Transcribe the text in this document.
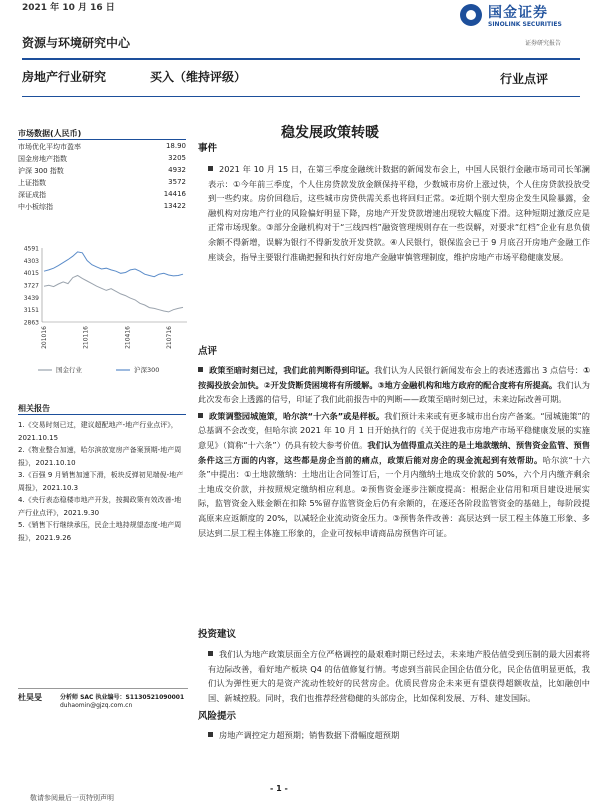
2021 年 10 月 16 日	国金证券
SINOLINK SECURITIES
证券研究报告
资源与环境研究中心
房地产行业研究	买入（维持评级）	行业点评
稳发展政策转暖
市场数据(人民币)
市场优化平均市盈率	18.90
国金房地产指数	3205
沪深 300 指数	4932
上证指数	3572
深证成指	14416
中小板综指	13422
4591
4303
4015
3727
3439
3151
2863
201016	210116	210416	210716
国金行业	沪深300
相关报告
1.《交易时刻已过，建议超配地产-地产行业点评》，2021.10.15
2.《物业整合加速，哈尔滨放宽房产备案预期-地产周报》，2021.10.10
3.《百强 9 月销售加速下滑，板块反弹初见端倪-地产周报》，2021.10.3
4.《央行表态稳楼市地产开发，按揭政策有效改善-地产行业点评》，2021.9.30
5.《销售下行继续承压，民企土地持规望态度-地产周报》，2021.9.26
杜昊旻	分析师 SAC 执业编号：S1130521090001
duhaomin@gjzq.com.cn
事件
2021 年 10 月 15 日，在第三季度金融统计数据的新闻发布会上，中国人民银行金融市场司司长邹澜表示：①今年前三季度，个人住房贷款发放金额保持平稳，少数城市房价上涨过快，个人住房贷款投放受到一些约束。房价回稳后，这些城市房贷供需关系也将回归正常。②近期个别大型房企发生风险暴露，金融机构对房地产行业的风险偏好明显下降，房地产开发贷款增速出现较大幅度下滑。这种短期过激反应是正常市场现象。③部分金融机构对于“三线四档”融资管理规则存在一些误解，对要求“红档”企业有息负债余额不得新增，误解为银行不得新发放开发贷款。④人民银行，银保监会已于 9 月底召开房地产金融工作座谈会，指导主要银行准确把握和执行好房地产金融审慎管理制度，维护房地产市场平稳健康发展。
点评
政策至暗时刻已过，我们此前判断得到印证。我们认为人民银行新闻发布会上的表述透露出 3 点信号：①按揭投放会加快。②开发贷断贷困境将有所缓解。③地方金融机构和地方政府的配合度将有所提高。我们认为此次发布会上透露的信号，印证了我们此前报告中的判断——政策至暗时刻已过，未来边际改善可期。
政策调整园城施策，哈尔滨“十六条”或是样板。我们预计未来或有更多城市出台房产备案。“园城施策”的总基调不会改变，但哈尔滨 2021 年 10 月 1 日开始执行的《关于促进我市房地产市场平稳健康发展的实施意见》（简称“十六条”）仍具有较大参考价值。我们认为值得重点关注的是土地款缴纳、预售资金监管、预售条件这三方面的内容，这些都是房企当前的痛点，政策后能对房企的现金流起到有效帮助。哈尔滨“十六条”中提出：①土地款缴纳：土地出让合同签订后，一个月内缴纳土地成交价款的 50%，六个月内缴齐剩余土地成交价款，并按照规定缴纳相应利息。②预售资金逐步注额度提高：根据企业信用和项目建设进展实际，监管资金入账金额在扣除 5%留存监管资金后仍有余额的，在逐还各阶段监管资金的基础上，每阶段提高原来应返额度的 20%，以减轻企业流动资金压力。③预售条件改善：高层达到一层工程主体施工形象、多层达到二层工程主体施工形象的，企业可按标申请商品房预售许可证。
投资建议
我们认为地产政策层面全方位严格调控的最艰难时期已经过去，未来地产股估值受到压制的最大因素将有边际改善，看好地产板块 Q4 的估值修复行情。考虑到当前民企国企估值分化，民企估值明显更低，我们认为弹性更大的是资产流动性较好的民营房企。优质民营房企未来更有望获得超额收益，比如融创中国、新城控股。同时，我们也推荐经营稳健的头部房企，比如保利发展、万科、建发国际。
风险提示
房地产调控定力超预期；销售数据下滑幅度超预期
- 1 -
敬请参阅最后一页特别声明
